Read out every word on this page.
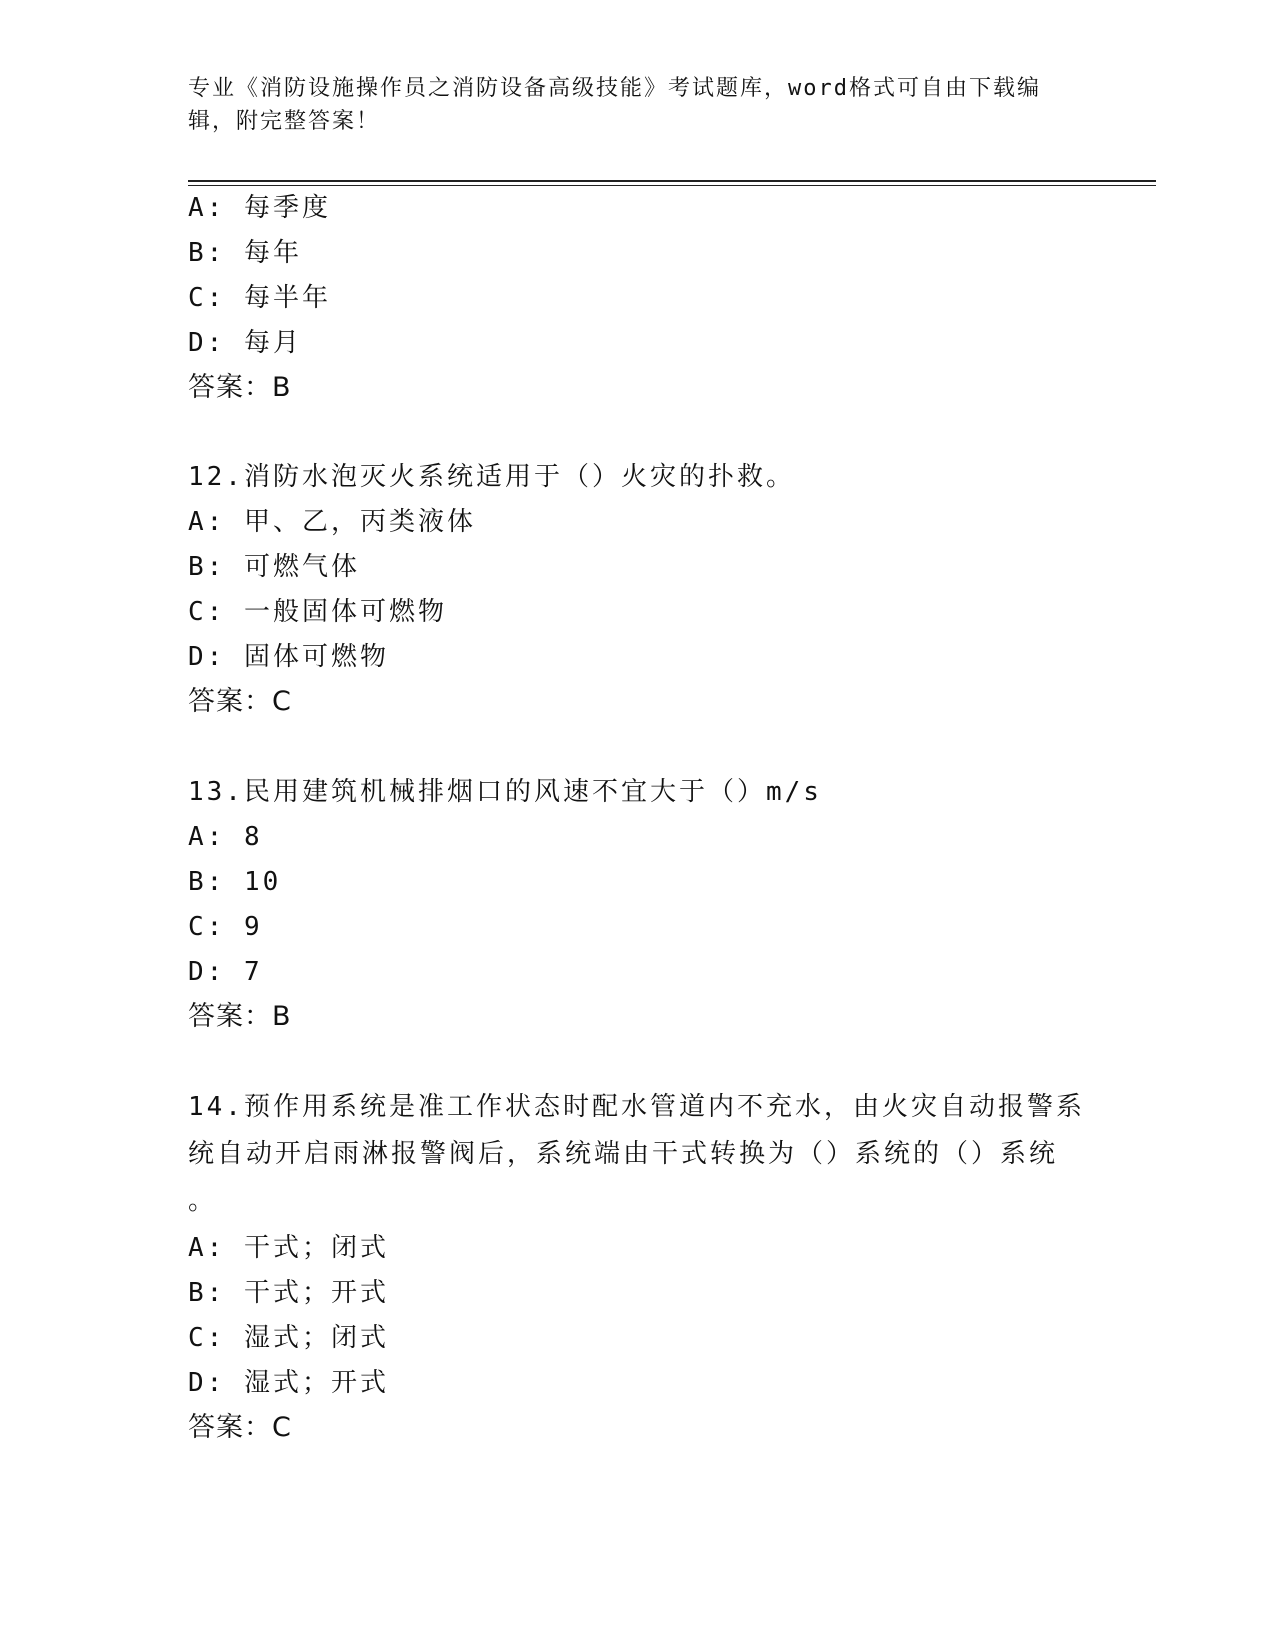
专业《消防设施操作员之消防设备高级技能》考试题库，word格式可自由下载编
辑，附完整答案！
A: 每季度
B: 每年
C: 每半年
D: 每月
答案：B
12.消防水泡灭火系统适用于（）火灾的扑救。
A: 甲、乙，丙类液体
B: 可燃气体
C: 一般固体可燃物
D: 固体可燃物
答案：C
13.民用建筑机械排烟口的风速不宜大于（）m/s
A: 8
B: 10
C: 9
D: 7
答案：B
14.预作用系统是准工作状态时配水管道内不充水，由火灾自动报警系
统自动开启雨淋报警阀后，系统端由干式转换为（）系统的（）系统
。
A: 干式；闭式
B: 干式；开式
C: 湿式；闭式
D: 湿式；开式
答案：C
